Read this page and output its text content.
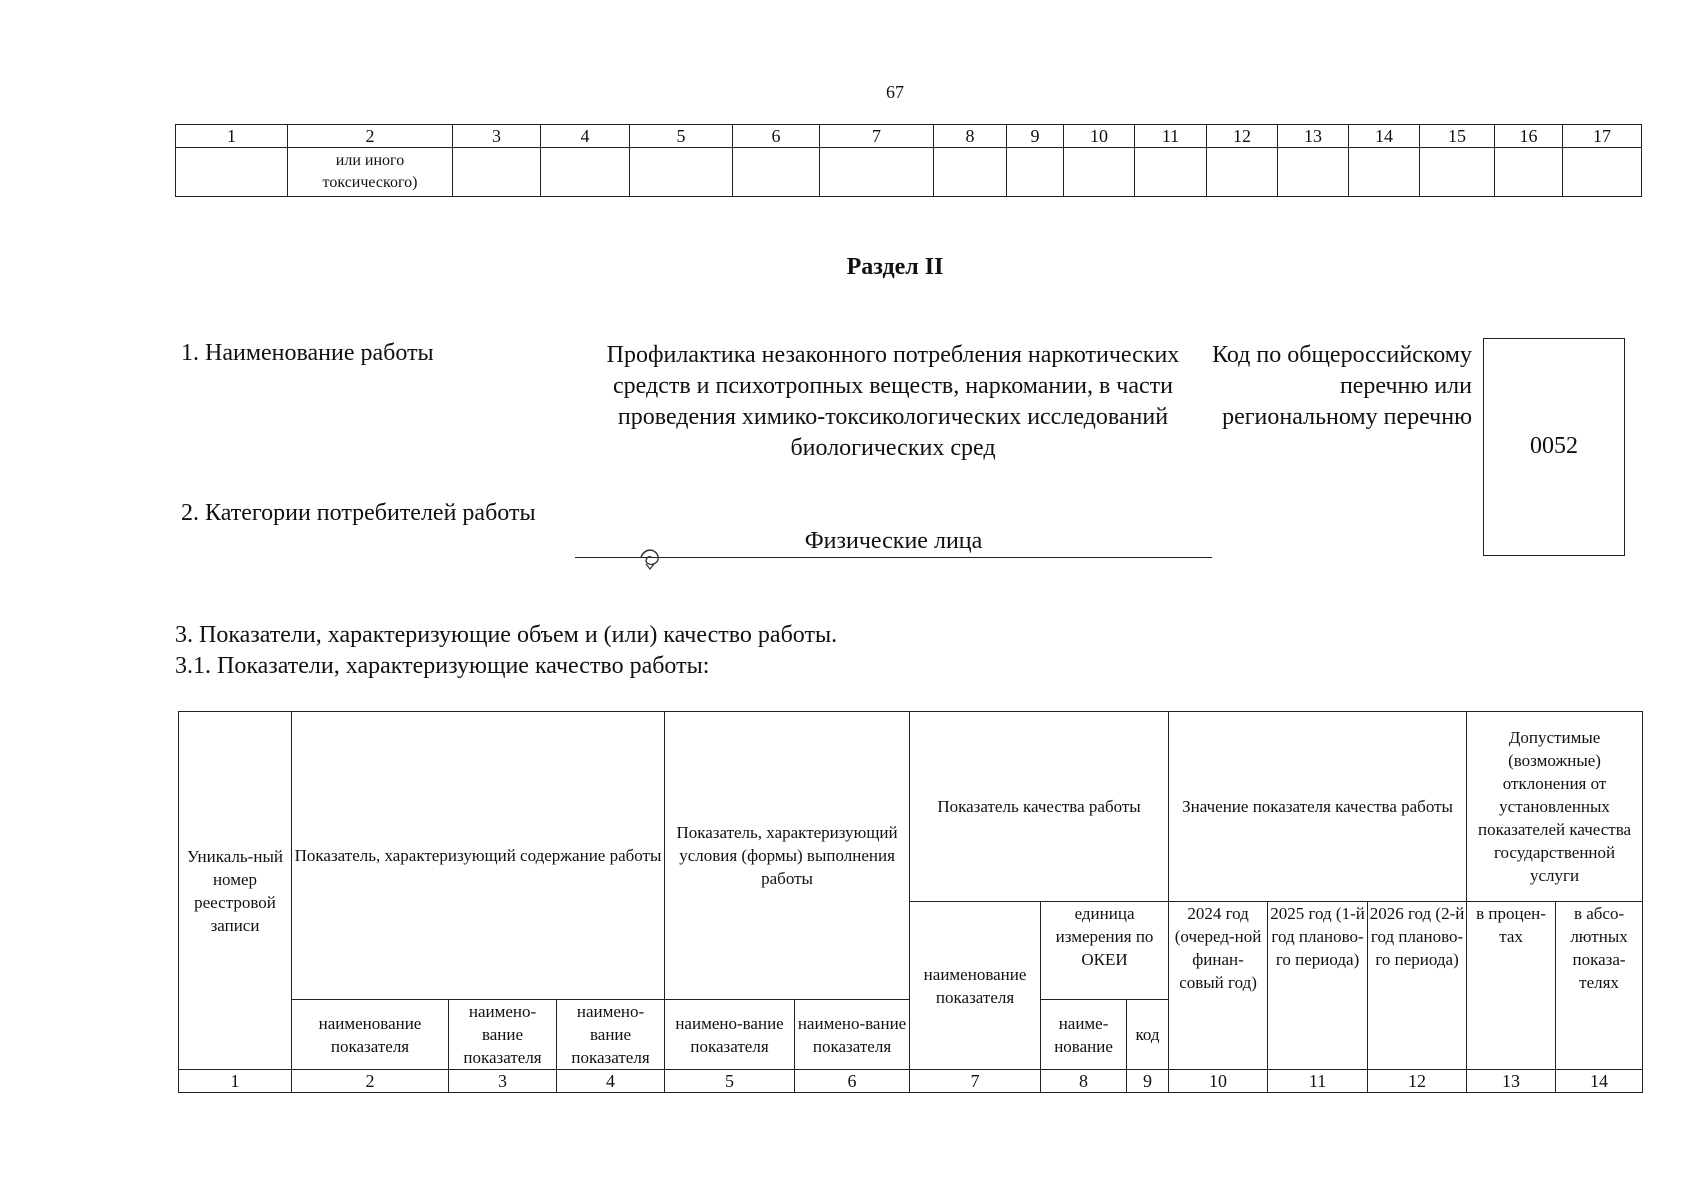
67
1	2	3	4	5	6	7	8	9	10	11	12	13	14	15	16	17
	или иного токсического)															
Раздел II
1. Наименование работы	Профилактика незаконного потребления наркотических средств и психотропных веществ, наркомании, в части проведения химико-токсикологических исследований биологических сред
Код по общероссийскому перечню или региональному перечню
0052
2. Категории потребителей работы
Физические лица
3. Показатели, характеризующие объем и (или) качество работы.
3.1. Показатели, характеризующие качество работы:
Уникаль-ный номер реестровой записи	Показатель, характеризующий содержание работы			Показатель, характеризующий условия (формы) выполнения работы		Показатель качества работы			Значение показателя качества работы			Допустимые (возможные) отклонения от установленных показателей качества государственной услуги	
						наименование показателя	единица измерения по ОКЕИ		2024 год (очеред-ной финан-совый год)	2025 год (1-й год планово-го периода)	2026 год (2-й год планово-го периода)	в процен-тах	в абсо-лютных показа-телях
	наименование показателя	наимено-вание показателя	наимено-вание показателя	наимено-вание показателя	наимено-вание показателя		наиме-нование	код					
1	2	3	4	5	6	7	8	9	10	11	12	13	14
